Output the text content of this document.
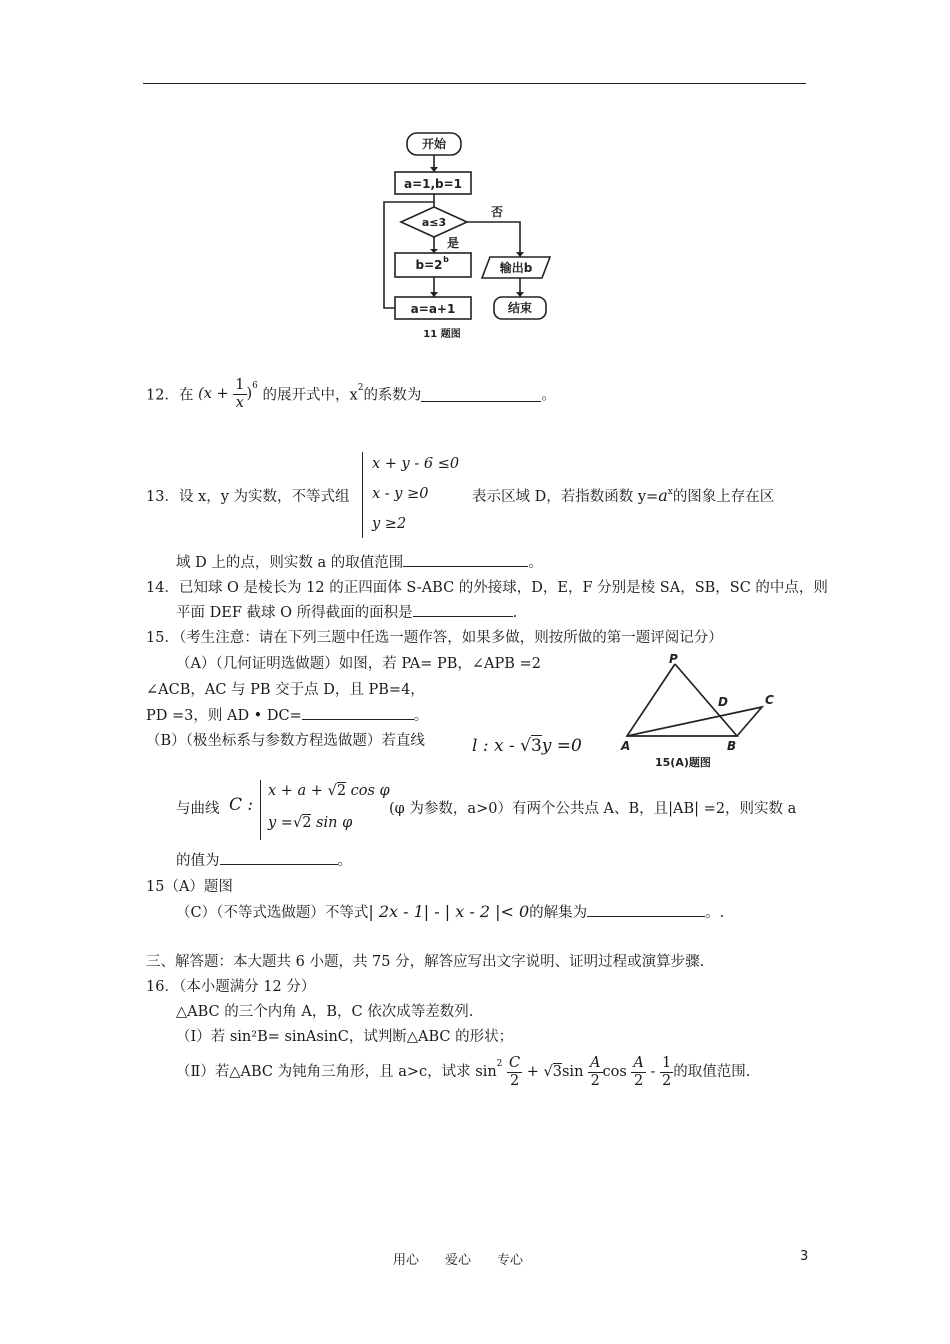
开始
a=1,b=1
a≤3
否
是
b=2 b
输出b
结束
a=a+1
11 题图
12．在 $(x + \frac{1}{x} )^6$ 的展开式中，$x^2$的系数为	。
13．设 x，y 为实数，不等式组
x + y - 6 ≤0
x - y ≥0
y ≥2
表示区域 D，若指数函数 $y=a^x$的图象上存在区
域 D 上的点，则实数 a 的取值范围	。
14．已知球 O 是棱长为 12 的正四面体 S-ABC 的外接球，D，E，F 分别是棱 SA，SB，SC 的中点，则
平面 DEF 截球 O 所得截面的面积是	.
15．（考生注意：请在下列三题中任选一题作答，如果多做，则按所做的第一题评阅记分）
（A）（几何证明选做题）如图，若 PA= PB，∠APB =2
∠ACB，AC 与 PB 交于点 D，且 PB=4，
PD =3，则 AD • DC=	。
P
D	C
A	B
15(A)题图
（B）（极坐标系与参数方程选做题）若直线	l : x - √3y =0
与曲线 C :
x + a + √2 cos φ
y =√2 sin φ
(φ 为参数，a>0）有两个公共点 A、B，且|AB| =2，则实数 a
的值为	。
15（A）题图
（C）（不等式选做题）不等式| 2x - 1| - | x - 2 |< 0的解集为	。.
三、解答题：本大题共 6 小题，共 75 分，解答应写出文字说明、证明过程或演算步骤.
16．（本小题满分 12 分）
△ABC 的三个内角 A，B，C 依次成等差数列.
（Ⅰ）若 sin²B= sinAsinC，试判断△ABC 的形状；
（Ⅱ）若△ABC 为钝角三角形，且 a>c，试求 $\sin^2 \frac{C}{2} + √3\sin \frac{A}{2}$ $\cos \frac{A}{2} - \frac{1}{2}$ 的取值范围.
用心　　爱心　　专心	3
